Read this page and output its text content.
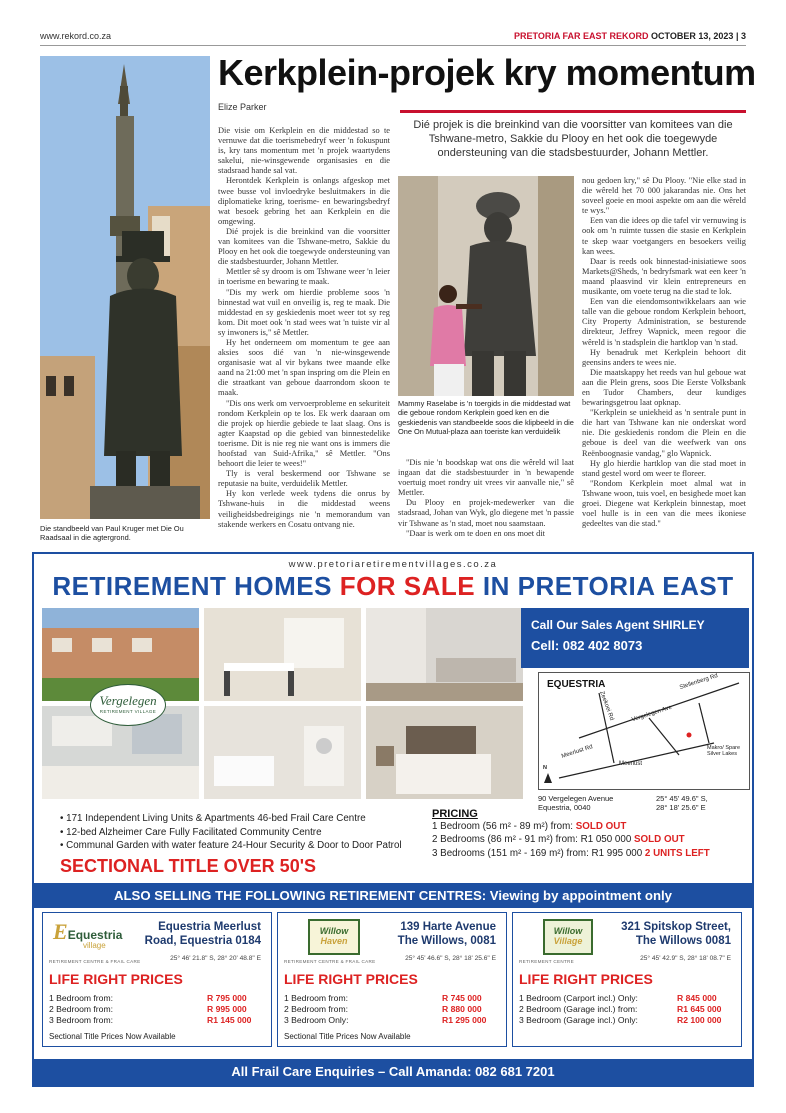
www.rekord.co.za	PRETORIA FAR EAST REKORD OCTOBER 13, 2023 | 3
Kerkplein-projek kry momentum
Elize Parker
Dié projek is die breinkind van die voorsitter van komitees van die Tshwane-metro, Sakkie du Plooy en het ook die toegewyde ondersteuning van die stadsbestuurder, Johann Mettler.

Die visie om Kerkplein en die middestad so te vernuwe dat die toerismebedryf weer 'n fokuspunt is, kry tans momentum met 'n projek waartydens sakelui, nie-winsgewende organisasies en die stadsraad hande sal vat.

Herontdek Kerkplein is onlangs afgeskop met twee busse vol invloedryke besluitmakers in die diplomatieke kring, toerisme- en bewaringsbedryf wat besoek gebring het aan Kerkplein en die omgewing.

Dié projek is die breinkind van die voorsitter van komitees van die Tshwane-metro, Sakkie du Plooy en het ook die toegewyde ondersteuning van die stadsbestuurder, Johann Mettler.

Mettler sê sy droom is om Tshwane weer 'n leier in toerisme en bewaring te maak.

"Dis my werk om hierdie probleme soos 'n binnestad wat vuil en onveilig is, reg te maak. Die middestad en sy geskiedenis moet weer tot sy reg kom. Dit moet ook 'n stad wees wat 'n tuiste vir al sy inwoners is," sê Mettler.

Hy het onderneem om momentum te gee aan aksies soos dié van 'n nie-winsgewende organisasie wat al vir bykans twee maande elke aand na 21:00 met 'n span inspring om die Plein en die straatkant van geboue daarrondom skoon te maak.

"Dis ons werk om vervoerprobleme en sekuriteit rondom Kerkplein op te los. Ek werk daaraan om die projek op hierdie gebiede te laat slaag. Ons is agter Kaapstad op die gebied van binnestedelike toerisme. Dit is nie reg nie want ons is immers die hoofstad van Suid-Afrika," sê Mettler. "Ons behoort die leier te wees!"

Tly is veral beskermend oor Tshwane se reputasie na buite, verduidelik Mettler.

Hy kon verlede week tydens die onrus by Tshwane-huis in die middestad weens veiligheidsbedreigings nie 'n memorandum van stakende werkers en Cosatu ontvang nie.

Mammy Raselabe is 'n toergids in die middestad wat die geboue rondom Kerkplein goed ken en die geskiedenis van standbeelde soos die klipbeeld in die One On Mutual-plaza aan toeriste kan verduidelik

"Dis nie 'n boodskap wat ons die wêreld wil laat ingaan dat die stadsbestuurder in 'n bewapende voertuig moet rondry uit vrees vir aanvalle nie," sê Mettler.

Du Plooy en projek-medewerker van die stadsraad, Johan van Wyk, glo diegene met 'n passie vir Tshwane as 'n stad, moet nou saamstaan.

"Daar is werk om te doen en ons moet dit

nou gedoen kry," sê Du Plooy. "Nie elke stad in die wêreld het 70 000 jakarandas nie. Ons het soveel goeie en mooi aspekte om aan die wêreld te wys."

Een van die idees op die tafel vir vernuwing is ook om 'n ruimte tussen die stasie en Kerkplein te skep waar voetgangers en besoekers veilig kan wees.

Daar is reeds ook binnestad-inisiatiewe soos Markets@Sheds, 'n bedryfsmark wat een keer 'n maand plaasvind vir klein entrepreneurs en musikante, om voete terug na die stad te lok.

Een van die eiendomsontwikkelaars aan wie talle van die geboue rondom Kerkplein behoort, City Property Administration, se besturende direkteur, Jeffrey Wapnick, meen regoor die wêreld is 'n stadsplein die hartklop van 'n stad.

Hy benadruk met Kerkplein behoort dit geensins anders te wees nie.

Die maatskappy het reeds van hul geboue wat aan die Plein grens, soos Die Eerste Volksbank en Tudor Chambers, deur kundiges bewaringsgetrou laat opknap.

"Kerkplein se uniekheid as 'n sentrale punt in die hart van Tshwane kan nie onderskat word nie. Die geskiedenis rondom die Plein en die geboue is deel van die weefwerk van ons Reënboognasie vandag," glo Wapnick.

Hy glo hierdie hartklop van die stad moet in stand gestel word om weer te floreer.

"Rondom Kerkplein moet almal wat in Tshwane woon, tuis voel, en besighede moet kan groei. Diegene wat Kerkplein binnestap, moet voel hulle is in een van die mees ikoniese gedeeltes van die stad."

Die standbeeld van Paul Kruger met Die Ou Raadsaal in die agtergrond.
www.pretoriaretirementvillages.co.za
RETIREMENT HOMES FOR SALE IN PRETORIA EAST
Vergelegen
RETIREMENT VILLAGE
Call Our Sales Agent SHIRLEY
Cell: 082 402 8073
EQUESTRIA	Stellenberg Rd
Vergelegen Ave
Meerlust Rd
Meerlust
Zeekoei Rd
Makro/ Spare Silver Lakes
N
90 Vergelegen Avenue
Equestria, 0040
25° 45' 49.6" S,
28° 18' 25.6" E
• 171 Independent Living Units & Apartments 46-bed Frail Care Centre
• 12-bed Alzheimer Care Fully Facilitated Community Centre
• Communal Garden with water feature 24-Hour Security & Door to Door Patrol
SECTIONAL TITLE OVER 50'S
PRICING
1 Bedroom (56 m² - 89 m²) from: SOLD OUT
2 Bedrooms (86 m² - 91 m²) from: R1 050 000 SOLD OUT
3 Bedrooms (151 m² - 169 m²) from: R1 995 000 2 UNITS LEFT
ALSO SELLING THE FOLLOWING RETIREMENT CENTRES: Viewing by appointment only
EEquestria
village
RETIREMENT CENTRE & FRAIL CARE
Equestria Meerlust
Road, Equestria 0184
25° 46' 21.8" S, 28° 20' 48.8" E
LIFE RIGHT PRICES
1 Bedroom from:	R 795 000
2 Bedroom from:	R 995 000
3 Bedroom from:	R1 145 000
Sectional Title Prices Now Available
Willow
Haven
RETIREMENT CENTRE & FRAIL CARE
139 Harte Avenue
The Willows, 0081
25° 45' 46.6" S, 28° 18' 25.6" E
LIFE RIGHT PRICES
1 Bedroom from:	R 745 000
2 Bedroom from:	R 880 000
3 Bedroom Only:	R1 295 000
Sectional Title Prices Now Available
Willow
Village
RETIREMENT CENTRE
321 Spitskop Street,
The Willows 0081
25° 45' 42.9" S, 28° 18' 08.7" E
LIFE RIGHT PRICES
1 Bedroom (Carport incl.) Only:	R 845 000
2 Bedroom (Garage incl.) from:	R1 645 000
3 Bedroom (Garage incl.) Only:	R2 100 000
All Frail Care Enquiries – Call Amanda: 082 681 7201
